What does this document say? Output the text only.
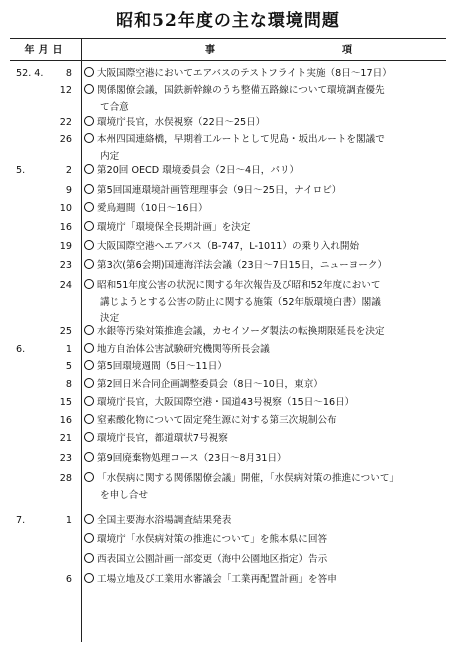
昭和52年度の主な環境問題
年月日	事	項
52. 4.	8	大阪国際空港においてエアバスのテストフライト実施（8日～17日）
12	関係閣僚会議，国鉄新幹線のうち整備五路線について環境調査優先
て合意
22	環境庁長官，水俣視察（22日～25日）
26	本州四国連絡橋，早期着工ルートとして児島・坂出ルートを閣議で
内定
5.	2	第20回 OECD 環境委員会（2日～4日，パリ）
9	第5回国連環境計画管理理事会（9日～25日，ナイロビ）
10	愛鳥週間（10日～16日）
16	環境庁「環境保全長期計画」を決定
19	大阪国際空港へエアバス（B-747，L-1011）の乗り入れ開始
23	第3次(第6会期)国連海洋法会議（23日～7日15日，ニューヨーク）
24	昭和51年度公害の状況に関する年次報告及び昭和52年度において
講じようとする公害の防止に関する施策（52年版環境白書）閣議
決定
25	水銀等汚染対策推進会議，カセイソーダ製法の転換期限延長を決定
6.	1	地方自治体公害試験研究機関等所長会議
5	第5回環境週間（5日～11日）
8	第2回日米合同企画調整委員会（8日～10日，東京）
15	環境庁長官，大阪国際空港・国道43号視察（15日～16日）
16	窒素酸化物について固定発生源に対する第三次規制公布
21	環境庁長官，都道環状7号視察
23	第9回廃棄物処理コース（23日～8月31日）
28	「水俣病に関する関係閣僚会議」開催，「水俣病対策の推進について」
を申し合せ
7.	1	全国主要海水浴場調査結果発表
環境庁「水俣病対策の推進について」を熊本県に回答
西表国立公園計画一部変更（海中公園地区指定）告示
6	工場立地及び工業用水審議会「工業再配置計画」を答申
